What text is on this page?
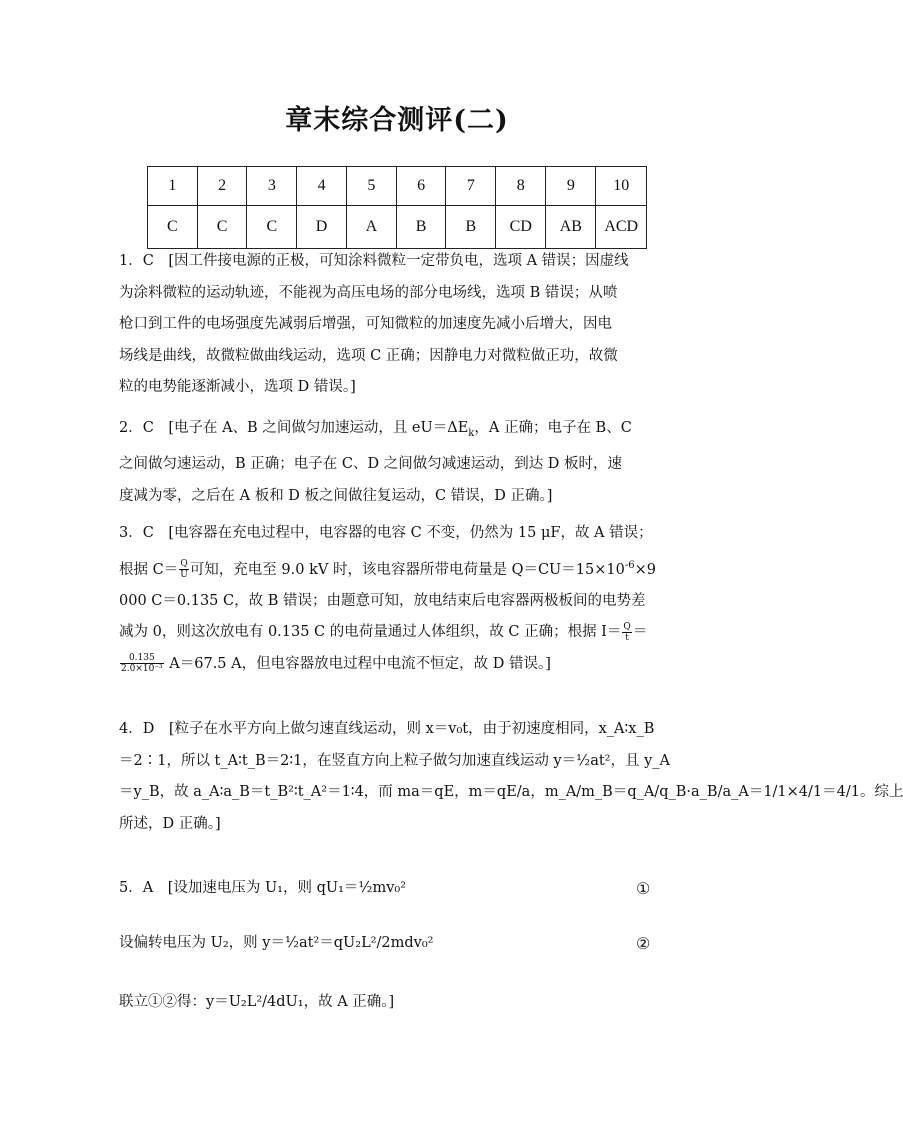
章末综合测评(二)
1	2	3	4	5	6	7	8	9	10
C	C	C	D	A	B	B	CD	AB	ACD
1．C　[因工件接电源的正极，可知涂料微粒一定带负电，选项 A 错误；因虚线
为涂料微粒的运动轨迹，不能视为高压电场的部分电场线，选项 B 错误；从喷
枪口到工件的电场强度先减弱后增强，可知微粒的加速度先减小后增大，因电
场线是曲线，故微粒做曲线运动，选项 C 正确；因静电力对微粒做正功，故微
粒的电势能逐渐减小，选项 D 错误。]
2．C　[电子在 A、B 之间做匀加速运动，且 $eU=\Delta E_k$，A 正确；电子在 B、C
之间做匀速运动，B 正确；电子在 C、D 之间做匀减速运动，到达 D 板时，速
度减为零，之后在 A 板和 D 板之间做往复运动，C 错误，D 正确。]
3．C　[电容器在充电过程中，电容器的电容 C 不变，仍然为 15 μF，故 A 错误；
根据 $C= \frac{Q}{U}$ 可知，充电至 9.0 kV 时，该电容器所带电荷量是 $Q=CU=15\times 10^{-6}\times 9$
000 C＝0.135 C，故 B 错误；由题意可知，放电结束后电容器两极板间的电势差
减为 0，则这次放电有 0.135 C 的电荷量通过人体组织，故 C 正确；根据 $I= \frac{Q}{t}$ ＝
$\frac{0.135}{\text{2.0×10⁻³}} A=67.5$ A，但电容器放电过程中电流不恒定，故 D 错误。]
4．D　[粒子在水平方向上做匀速直线运动，则 x＝v₀t，由于初速度相同，x_A∶x_B
＝2∶1，所以 t_A∶t_B＝2∶1，在竖直方向上粒子做匀加速直线运动 y＝½at²，且 y_A
＝y_B，故 a_A∶a_B＝t_B²∶t_A²＝1∶4，而 ma＝qE，m＝qE/a，m_A/m_B＝q_A/q_B·a_B/a_A＝1/1×4/1＝4/1。综上
所述，D 正确。]
5．A　[设加速电压为 U₁，则 qU₁＝½mv₀²	①
设偏转电压为 U₂，则 y＝½at²＝qU₂L²/2mdv₀²	②
联立①②得：y＝U₂L²/4dU₁，故 A 正确。]
